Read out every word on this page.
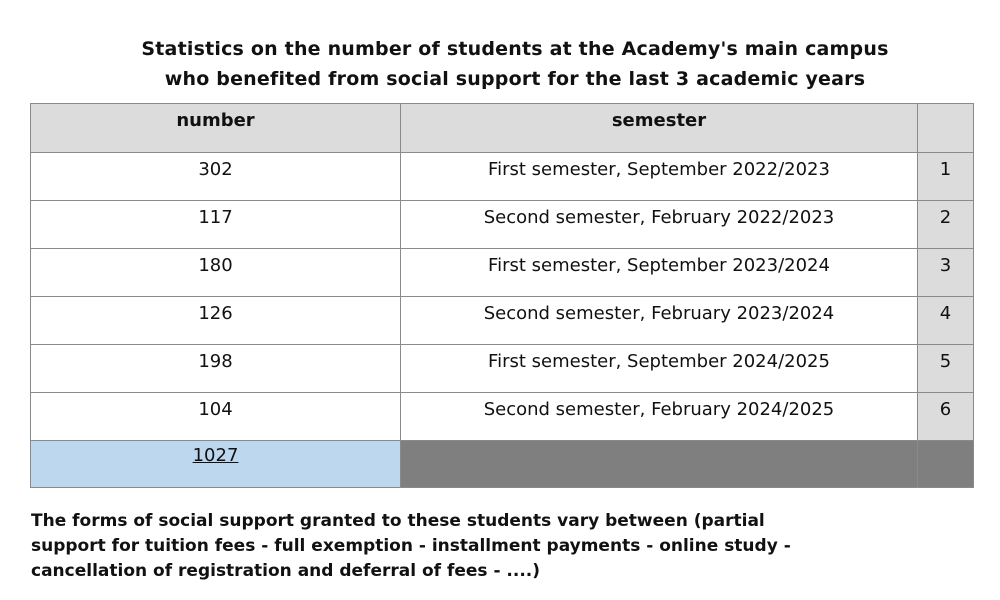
Statistics on the number of students at the Academy's main campus
who benefited from social support for the last 3 academic years
number	semester	
302	First semester, September 2022/2023	1
117	Second semester, February 2022/2023	2
180	First semester, September 2023/2024	3
126	Second semester, February 2023/2024	4
198	First semester, September 2024/2025	5
104	Second semester, February 2024/2025	6
1027		
The forms of social support granted to these students vary between (partial
support for tuition fees - full exemption - installment payments - online study -
cancellation of registration and deferral of fees - ....)
